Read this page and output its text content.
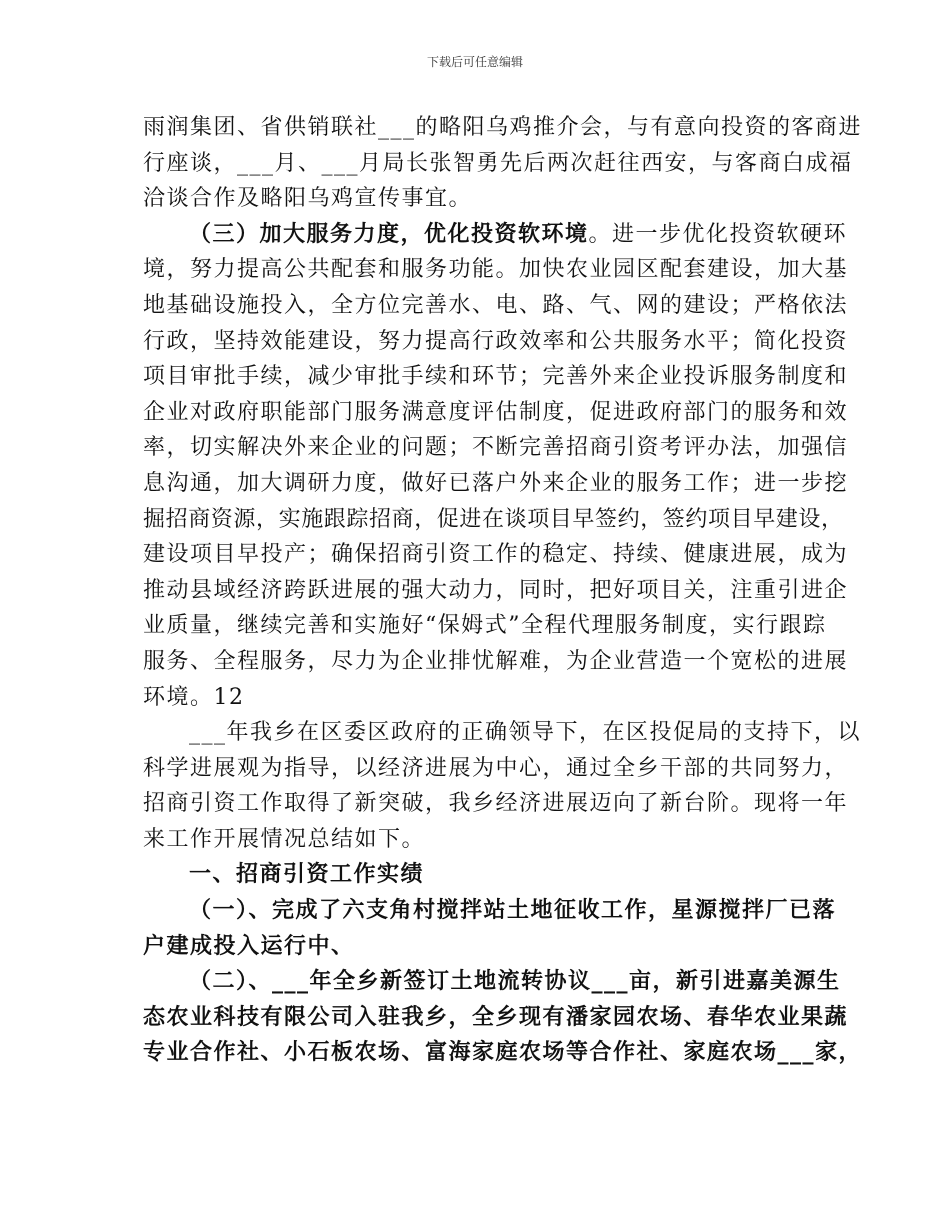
下载后可任意编辑

雨润集团、省供销联社___的略阳乌鸡推介会，与有意向投资的客商进
行座谈，___月、___月局长张智勇先后两次赶往西安，与客商白成福
洽谈合作及略阳乌鸡宣传事宜。

（三）加大服务力度，优化投资软环境。进一步优化投资软硬环
境，努力提高公共配套和服务功能。加快农业园区配套建设，加大基
地基础设施投入，全方位完善水、电、路、气、网的建设；严格依法
行政，坚持效能建设，努力提高行政效率和公共服务水平；简化投资
项目审批手续，减少审批手续和环节；完善外来企业投诉服务制度和
企业对政府职能部门服务满意度评估制度，促进政府部门的服务和效
率，切实解决外来企业的问题；不断完善招商引资考评办法，加强信
息沟通，加大调研力度，做好已落户外来企业的服务工作；进一步挖
掘招商资源，实施跟踪招商，促进在谈项目早签约，签约项目早建设，
建设项目早投产；确保招商引资工作的稳定、持续、健康进展，成为
推动县域经济跨跃进展的强大动力，同时，把好项目关，注重引进企
业质量，继续完善和实施好“保姆式”全程代理服务制度，实行跟踪
服务、全程服务，尽力为企业排忧解难，为企业营造一个宽松的进展
环境。12

___年我乡在区委区政府的正确领导下，在区投促局的支持下，以
科学进展观为指导，以经济进展为中心，通过全乡干部的共同努力，
招商引资工作取得了新突破，我乡经济进展迈向了新台阶。现将一年
来工作开展情况总结如下。

一、招商引资工作实绩

（一）、完成了六支角村搅拌站土地征收工作，星源搅拌厂已落
户建成投入运行中、

（二）、___年全乡新签订土地流转协议___亩，新引进嘉美源生
态农业科技有限公司入驻我乡，全乡现有潘家园农场、春华农业果蔬
专业合作社、小石板农场、富海家庭农场等合作社、家庭农场___家，
